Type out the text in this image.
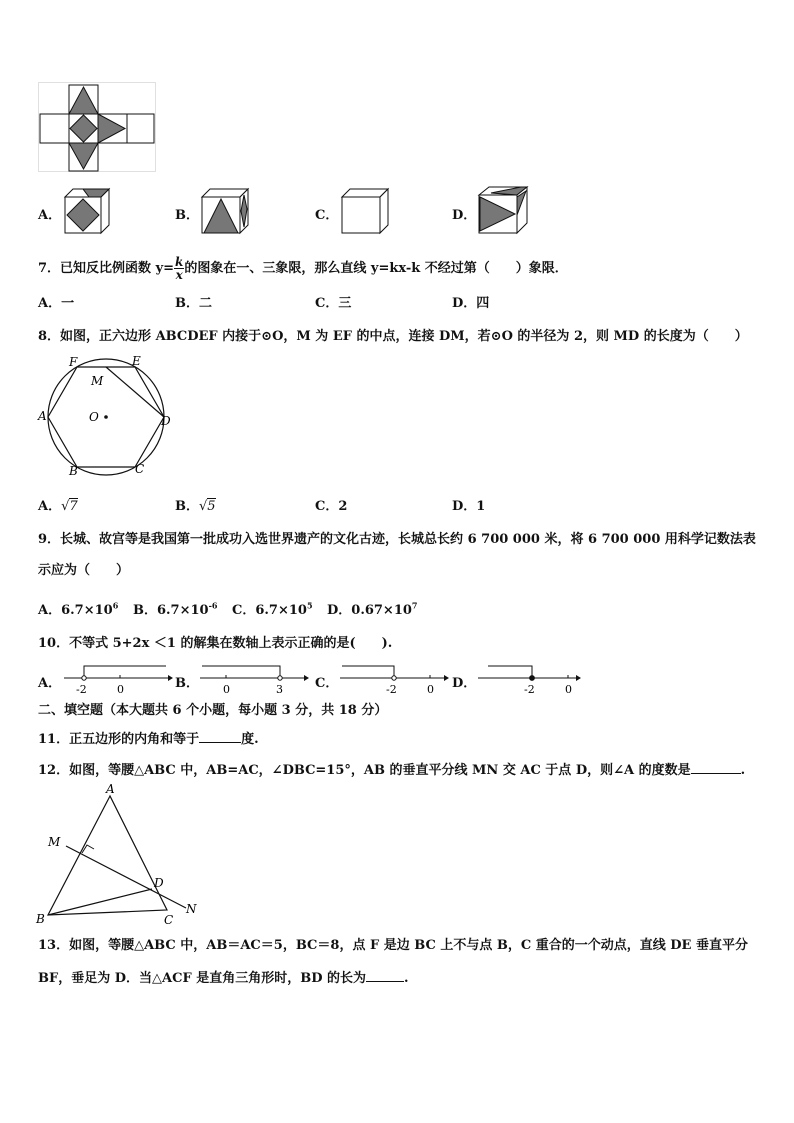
A．	B．	C．	D．
7．已知反比例函数 $y= \frac{k}{x}$ 的图象在一、三象限，那么直线 y=kx-k 不经过第（　　）象限．
A．一	B．二	C．三	D．四
8．如图，正六边形 ABCDEF 内接于⊙O，M 为 EF 的中点，连接 DM，若⊙O 的半径为 2，则 MD 的长度为（　　）
F	E
M
A	O	D
B	C
A．√7	B．√5	C．2	D．1
9．长城、故宫等是我国第一批成功入选世界遗产的文化古迹，长城总长约 6 700 000 米，将 6 700 000 用科学记数法表
示应为（　　）
A．$6.7\times 10^6$ B．$6.7\times 10^{-6}$ C．$6.7\times 10^5$ D．$0.67\times 10^7$
10．不等式 5+2x ＜1 的解集在数轴上表示正确的是(　　).
A． -2	0	B． 0	3 C．	-2	0 D．	-2	0
二、填空题（本大题共 6 个小题，每小题 3 分，共 18 分）
11．正五边形的内角和等于	度.
12．如图，等腰△ABC 中，AB=AC，∠DBC=15°，AB 的垂直平分线 MN 交 AC 于点 D，则∠A 的度数是	.
A
M
D
B	C
N
13．如图，等腰△ABC 中，AB＝AC＝5，BC＝8，点 F 是边 BC 上不与点 B，C 重合的一个动点，直线 DE 垂直平分
BF，垂足为 D．当△ACF 是直角三角形时，BD 的长为	.
